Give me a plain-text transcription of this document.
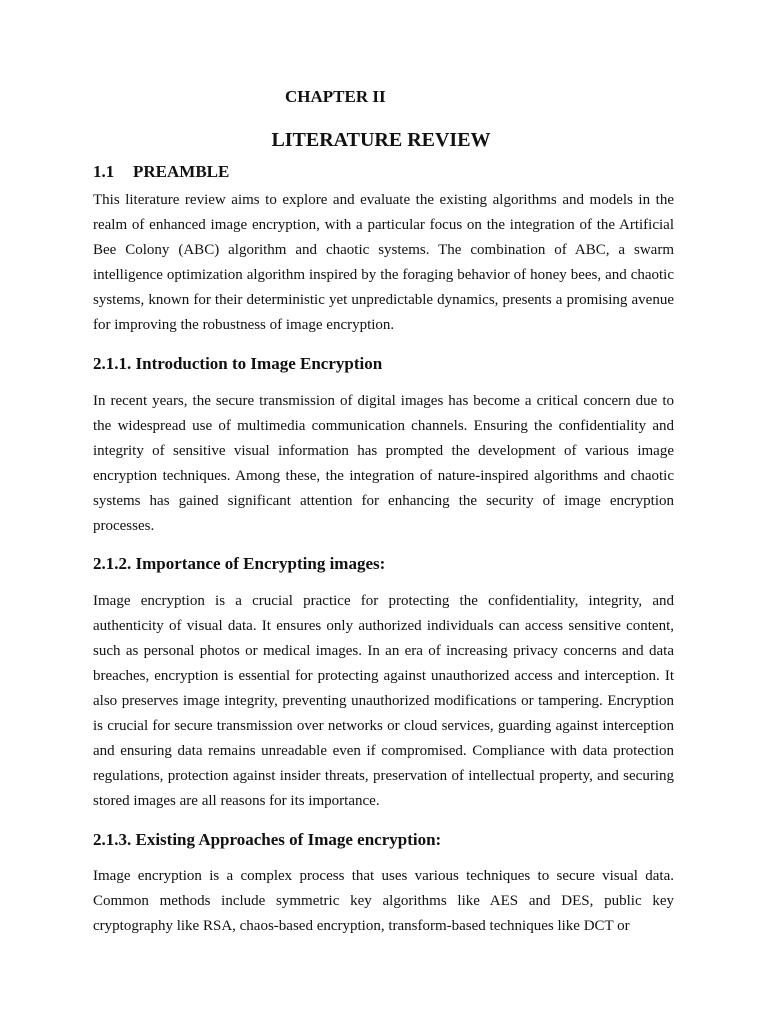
CHAPTER II
LITERATURE REVIEW
1.1 PREAMBLE

This literature review aims to explore and evaluate the existing algorithms and models in the realm of enhanced image encryption, with a particular focus on the integration of the Artificial Bee Colony (ABC) algorithm and chaotic systems. The combination of ABC, a swarm intelligence optimization algorithm inspired by the foraging behavior of honey bees, and chaotic systems, known for their deterministic yet unpredictable dynamics, presents a promising avenue for improving the robustness of image encryption.

2.1.1. Introduction to Image Encryption

In recent years, the secure transmission of digital images has become a critical concern due to the widespread use of multimedia communication channels. Ensuring the confidentiality and integrity of sensitive visual information has prompted the development of various image encryption techniques. Among these, the integration of nature-inspired algorithms and chaotic systems has gained significant attention for enhancing the security of image encryption processes.

2.1.2. Importance of Encrypting images:

Image encryption is a crucial practice for protecting the confidentiality, integrity, and authenticity of visual data. It ensures only authorized individuals can access sensitive content, such as personal photos or medical images. In an era of increasing privacy concerns and data breaches, encryption is essential for protecting against unauthorized access and interception. It also preserves image integrity, preventing unauthorized modifications or tampering. Encryption is crucial for secure transmission over networks or cloud services, guarding against interception and ensuring data remains unreadable even if compromised. Compliance with data protection regulations, protection against insider threats, preservation of intellectual property, and securing stored images are all reasons for its importance.

2.1.3. Existing Approaches of Image encryption:

Image encryption is a complex process that uses various techniques to secure visual data. Common methods include symmetric key algorithms like AES and DES, public key cryptography like RSA, chaos-based encryption, transform-based techniques like DCT or
